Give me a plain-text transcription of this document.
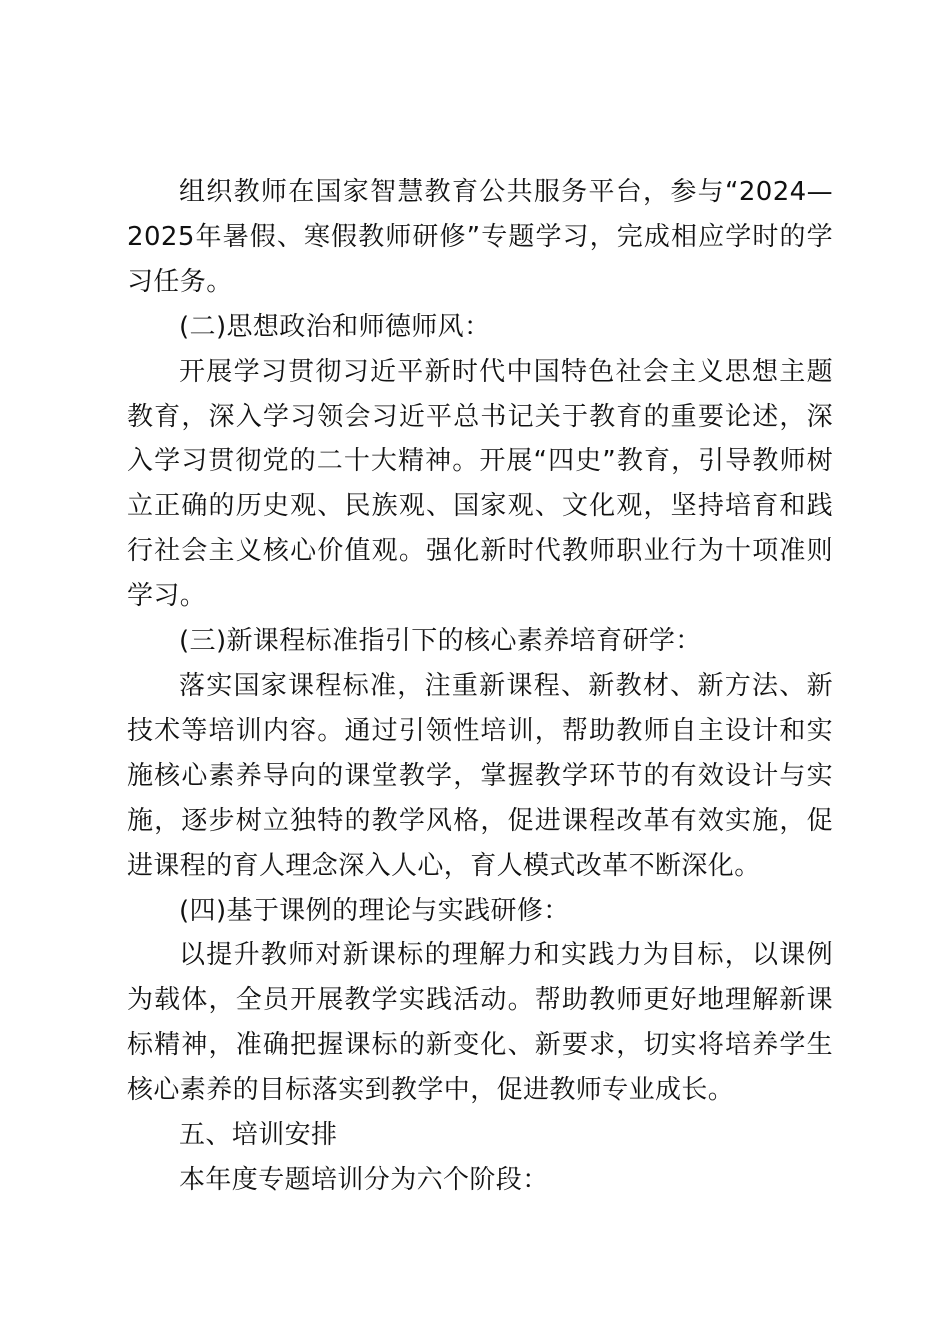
组织教师在国家智慧教育公共服务平台，参与“2024—2025年暑假、寒假教师研修”专题学习，完成相应学时的学习任务。

(二)思想政治和师德师风：

开展学习贯彻习近平新时代中国特色社会主义思想主题教育，深入学习领会习近平总书记关于教育的重要论述，深入学习贯彻党的二十大精神。开展“四史”教育，引导教师树立正确的历史观、民族观、国家观、文化观，坚持培育和践行社会主义核心价值观。强化新时代教师职业行为十项准则学习。

(三)新课程标准指引下的核心素养培育研学：

落实国家课程标准，注重新课程、新教材、新方法、新技术等培训内容。通过引领性培训，帮助教师自主设计和实施核心素养导向的课堂教学，掌握教学环节的有效设计与实施，逐步树立独特的教学风格，促进课程改革有效实施，促进课程的育人理念深入人心，育人模式改革不断深化。

(四)基于课例的理论与实践研修：

以提升教师对新课标的理解力和实践力为目标，以课例为载体，全员开展教学实践活动。帮助教师更好地理解新课标精神，准确把握课标的新变化、新要求，切实将培养学生核心素养的目标落实到教学中，促进教师专业成长。

五、培训安排

本年度专题培训分为六个阶段：
